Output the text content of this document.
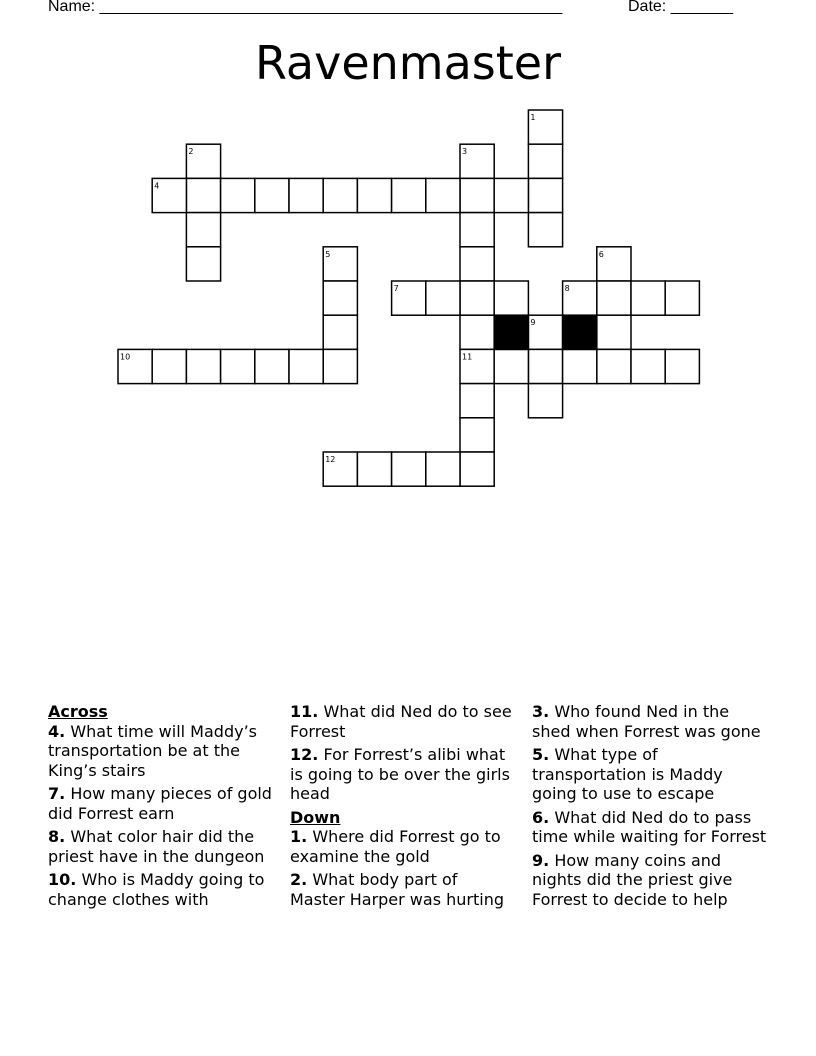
Name: ____________________________________________________	Date: _______
Ravenmaster
1
2	3
4
5	6
7	8
9
10	11
12

Across

4. What time will Maddy’s transportation be at the King’s stairs

7. How many pieces of gold did Forrest earn

8. What color hair did the priest have in the dungeon

10. Who is Maddy going to change clothes with

11. What did Ned do to see Forrest

12. For Forrest’s alibi what is going to be over the girls head

Down

1. Where did Forrest go to examine the gold

2. What body part of Master Harper was hurting

3. Who found Ned in the shed when Forrest was gone

5. What type of transportation is Maddy going to use to escape

6. What did Ned do to pass time while waiting for Forrest

9. How many coins and nights did the priest give Forrest to decide to help
